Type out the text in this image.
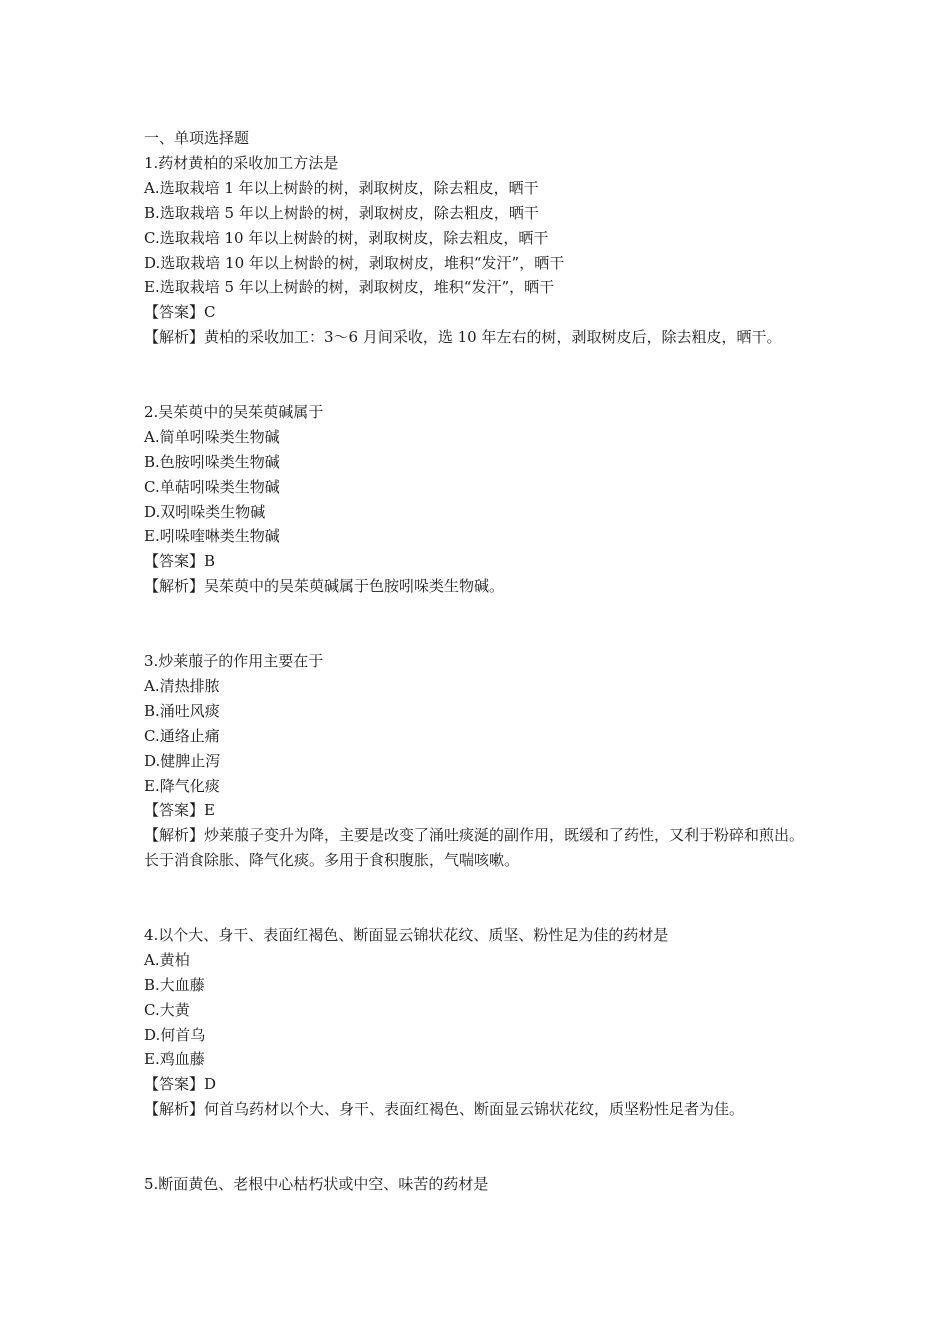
一、单项选择题

1.药材黄柏的采收加工方法是

A.选取栽培 1 年以上树龄的树，剥取树皮，除去粗皮，晒干

B.选取栽培 5 年以上树龄的树，剥取树皮，除去粗皮，晒干

C.选取栽培 10 年以上树龄的树，剥取树皮，除去粗皮，晒干

D.选取栽培 10 年以上树龄的树，剥取树皮，堆积“发汗”，晒干

E.选取栽培 5 年以上树龄的树，剥取树皮，堆积“发汗”，晒干

【答案】C

【解析】黄柏的采收加工：3～6 月间采收，选 10 年左右的树，剥取树皮后，除去粗皮，晒干。

2.吴茱萸中的吴茱萸碱属于

A.简单吲哚类生物碱

B.色胺吲哚类生物碱

C.单萜吲哚类生物碱

D.双吲哚类生物碱

E.吲哚喹啉类生物碱

【答案】B

【解析】吴茱萸中的吴茱萸碱属于色胺吲哚类生物碱。

3.炒莱菔子的作用主要在于

A.清热排脓

B.涌吐风痰

C.通络止痛

D.健脾止泻

E.降气化痰

【答案】E

【解析】炒莱菔子变升为降，主要是改变了涌吐痰涎的副作用，既缓和了药性，又利于粉碎和煎出。长于消食除胀、降气化痰。多用于食积腹胀，气喘咳嗽。

4.以个大、身干、表面红褐色、断面显云锦状花纹、质坚、粉性足为佳的药材是

A.黄柏

B.大血藤

C.大黄

D.何首乌

E.鸡血藤

【答案】D

【解析】何首乌药材以个大、身干、表面红褐色、断面显云锦状花纹，质坚粉性足者为佳。

5.断面黄色、老根中心枯朽状或中空、味苦的药材是
